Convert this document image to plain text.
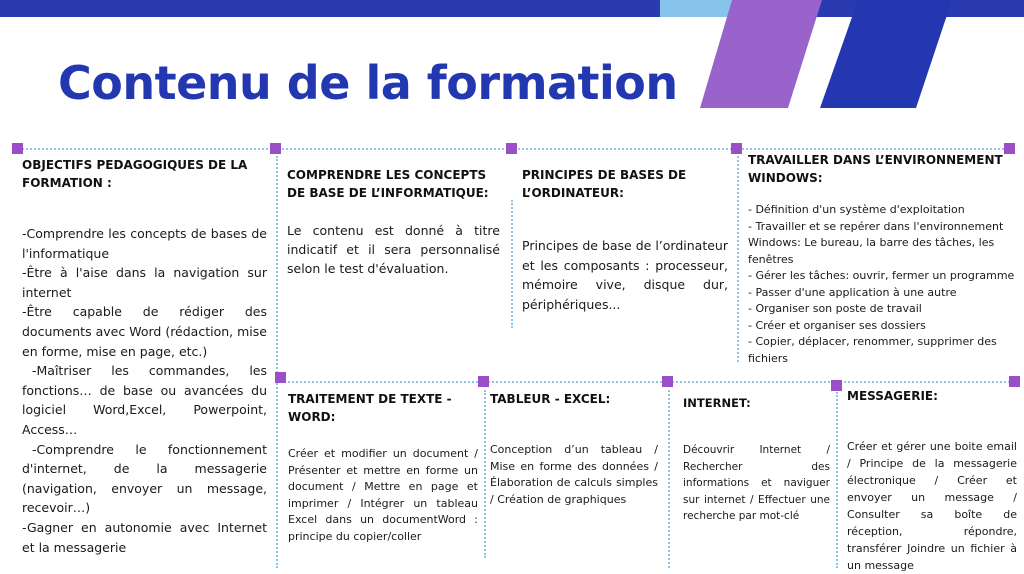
Contenu de la formation
OBJECTIFS PEDAGOGIQUES DE LA FORMATION :
-Comprendre les concepts de bases de l'informatique
-Être à l'aise dans la navigation sur internet
-Être capable de rédiger des documents avec Word (rédaction, mise en forme, mise en page, etc.)
-Maîtriser les commandes, les fonctions… de base ou avancées du logiciel Word,Excel, Powerpoint, Access…
-Comprendre le fonctionnement d'internet, de la messagerie (navigation, envoyer un message, recevoir…)
-Gagner en autonomie avec Internet et la messagerie
COMPRENDRE LES CONCEPTS DE BASE DE L’INFORMATIQUE:
Le contenu est donné à titre indicatif et il sera personnalisé selon le test d'évaluation.
PRINCIPES DE BASES DE L’ORDINATEUR:
Principes de base de l’ordinateur et les composants : processeur, mémoire vive, disque dur, périphériques...
TRAVAILLER DANS L’ENVIRONNEMENT WINDOWS:
- Définition d'un système d'exploitation
- Travailler et se repérer dans l'environnement Windows: Le bureau, la barre des tâches, les fenêtres
- Gérer les tâches: ouvrir, fermer un programme
- Passer d'une application à une autre
- Organiser son poste de travail
- Créer et organiser ses dossiers
- Copier, déplacer, renommer, supprimer des fichiers
TRAITEMENT DE TEXTE - WORD:
Créer et modifier un document / Présenter et mettre en forme un document / Mettre en page et imprimer / Intégrer un tableau Excel dans un documentWord : principe du copier/coller
TABLEUR - EXCEL:
Conception d’un tableau / Mise en forme des données / Élaboration de calculs simples / Création de graphiques
INTERNET:
Découvrir Internet / Rechercher des informations et naviguer sur internet / Effectuer une recherche par mot-clé
MESSAGERIE:
Créer et gérer une boite email / Principe de la messagerie électronique / Créer et envoyer un message / Consulter sa boîte de réception, répondre, transférer Joindre un fichier à un message
